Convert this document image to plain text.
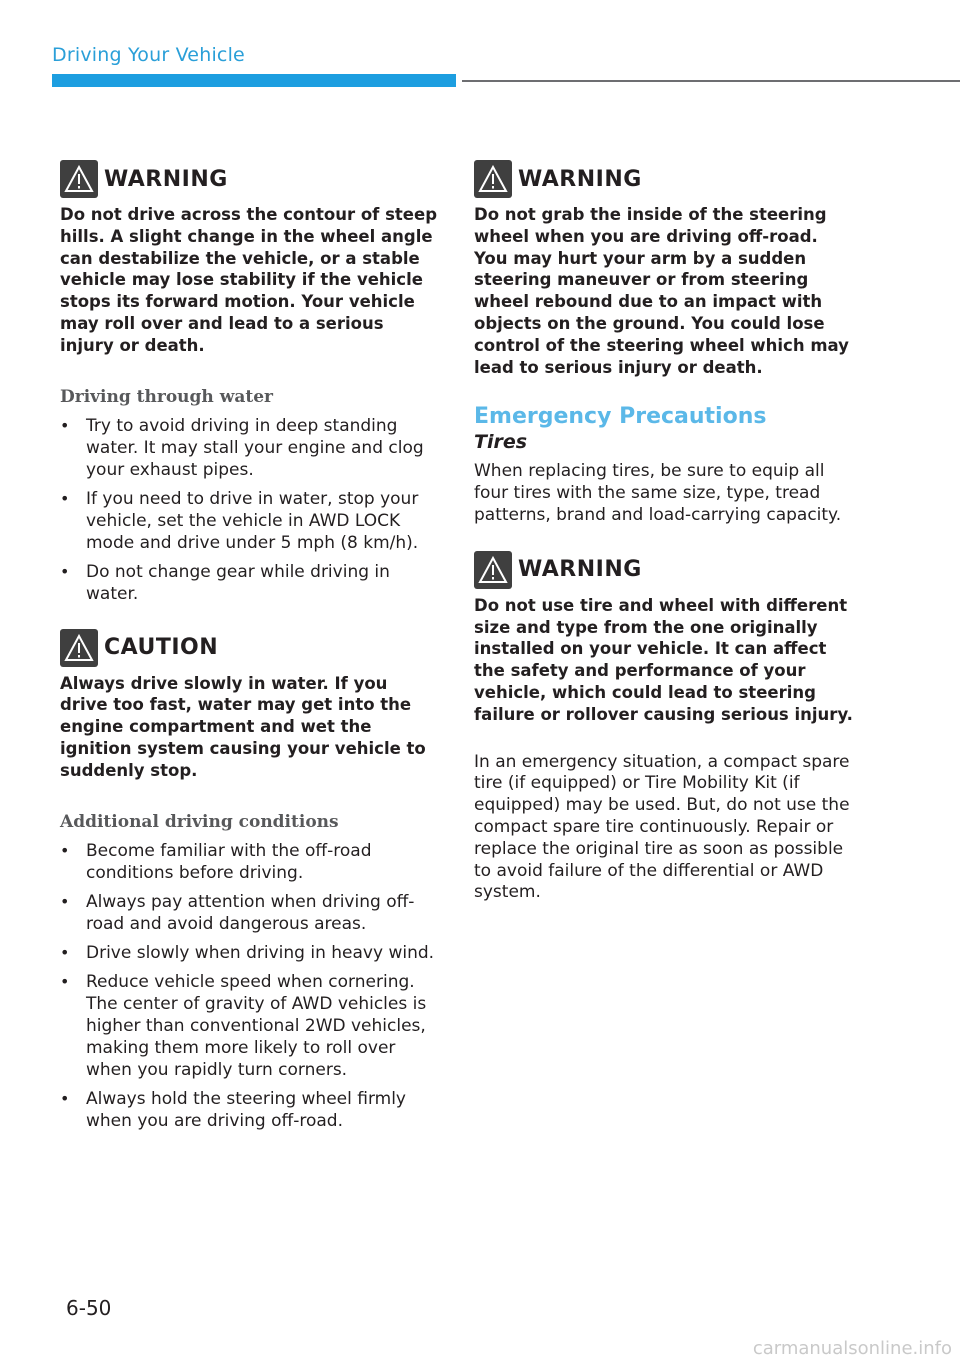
Driving Your Vehicle
WARNING

Do not drive across the contour of steep hills. A slight change in the wheel angle can destabilize the vehicle, or a stable vehicle may lose stability if the vehicle stops its forward motion. Your vehicle may roll over and lead to a serious injury or death.

Driving through water

• Try to avoid driving in deep standing water. It may stall your engine and clog your exhaust pipes.
• If you need to drive in water, stop your vehicle, set the vehicle in AWD LOCK mode and drive under 5 mph (8 km/h).
• Do not change gear while driving in water.
CAUTION

Always drive slowly in water. If you drive too fast, water may get into the engine compartment and wet the ignition system causing your vehicle to suddenly stop.

Additional driving conditions

• Become familiar with the off-road conditions before driving.
• Always pay attention when driving off-road and avoid dangerous areas.
• Drive slowly when driving in heavy wind.
• Reduce vehicle speed when cornering. The center of gravity of AWD vehicles is higher than conventional 2WD vehicles, making them more likely to roll over when you rapidly turn corners.
• Always hold the steering wheel firmly when you are driving off-road.
WARNING

Do not grab the inside of the steering wheel when you are driving off-road. You may hurt your arm by a sudden steering maneuver or from steering wheel rebound due to an impact with objects on the ground. You could lose control of the steering wheel which may lead to serious injury or death.

Emergency Precautions

Tires

When replacing tires, be sure to equip all four tires with the same size, type, tread patterns, brand and load-carrying capacity.

WARNING

Do not use tire and wheel with different size and type from the one originally installed on your vehicle. It can affect the safety and performance of your vehicle, which could lead to steering failure or rollover causing serious injury.

In an emergency situation, a compact spare tire (if equipped) or Tire Mobility Kit (if equipped) may be used. But, do not use the compact spare tire continuously. Repair or replace the original tire as soon as possible to avoid failure of the differential or AWD system.

6-50
carmanualsonline.info
